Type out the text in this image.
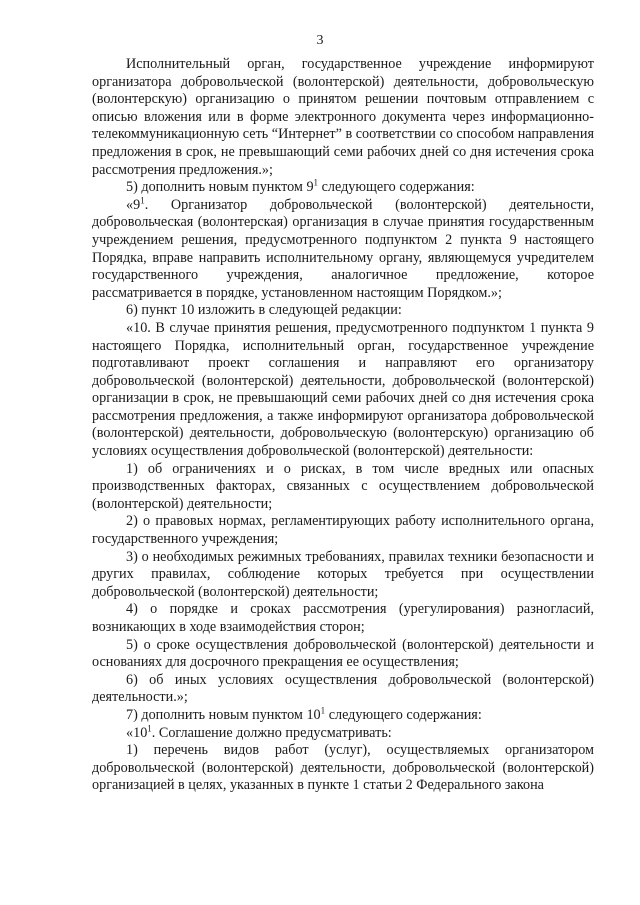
3

Исполнительный орган, государственное учреждение информируют организатора добровольческой (волонтерской) деятельности, добровольческую (волонтерскую) организацию о принятом решении почтовым отправлением с описью вложения или в форме электронного документа через информационно-телекоммуникационную сеть “Интернет” в соответствии со способом направления предложения в срок, не превышающий семи рабочих дней со дня истечения срока рассмотрения предложения.»;

5) дополнить новым пунктом $9^1$ следующего содержания:

«$9^1$. Организатор добровольческой (волонтерской) деятельности, добровольческая (волонтерская) организация в случае принятия государственным учреждением решения, предусмотренного подпунктом 2 пункта 9 настоящего Порядка, вправе направить исполнительному органу, являющемуся учредителем государственного учреждения, аналогичное предложение, которое рассматривается в порядке, установленном настоящим Порядком.»;

6) пункт 10 изложить в следующей редакции:

«10. В случае принятия решения, предусмотренного подпунктом 1 пункта 9 настоящего Порядка, исполнительный орган, государственное учреждение подготавливают проект соглашения и направляют его организатору добровольческой (волонтерской) деятельности, добровольческой (волонтерской) организации в срок, не превышающий семи рабочих дней со дня истечения срока рассмотрения предложения, а также информируют организатора добровольческой (волонтерской) деятельности, добровольческую (волонтерскую) организацию об условиях осуществления добровольческой (волонтерской) деятельности:

1) об ограничениях и о рисках, в том числе вредных или опасных производственных факторах, связанных с осуществлением добровольческой (волонтерской) деятельности;

2) о правовых нормах, регламентирующих работу исполнительного органа, государственного учреждения;

3) о необходимых режимных требованиях, правилах техники безопасности и других правилах, соблюдение которых требуется при осуществлении добровольческой (волонтерской) деятельности;

4) о порядке и сроках рассмотрения (урегулирования) разногласий, возникающих в ходе взаимодействия сторон;

5) о сроке осуществления добровольческой (волонтерской) деятельности и основаниях для досрочного прекращения ее осуществления;

6) об иных условиях осуществления добровольческой (волонтерской) деятельности.»;

7) дополнить новым пунктом $10^1$ следующего содержания:

«$10^1$. Соглашение должно предусматривать:

1) перечень видов работ (услуг), осуществляемых организатором добровольческой (волонтерской) деятельности, добровольческой (волонтерской) организацией в целях, указанных в пункте 1 статьи 2 Федерального закона
